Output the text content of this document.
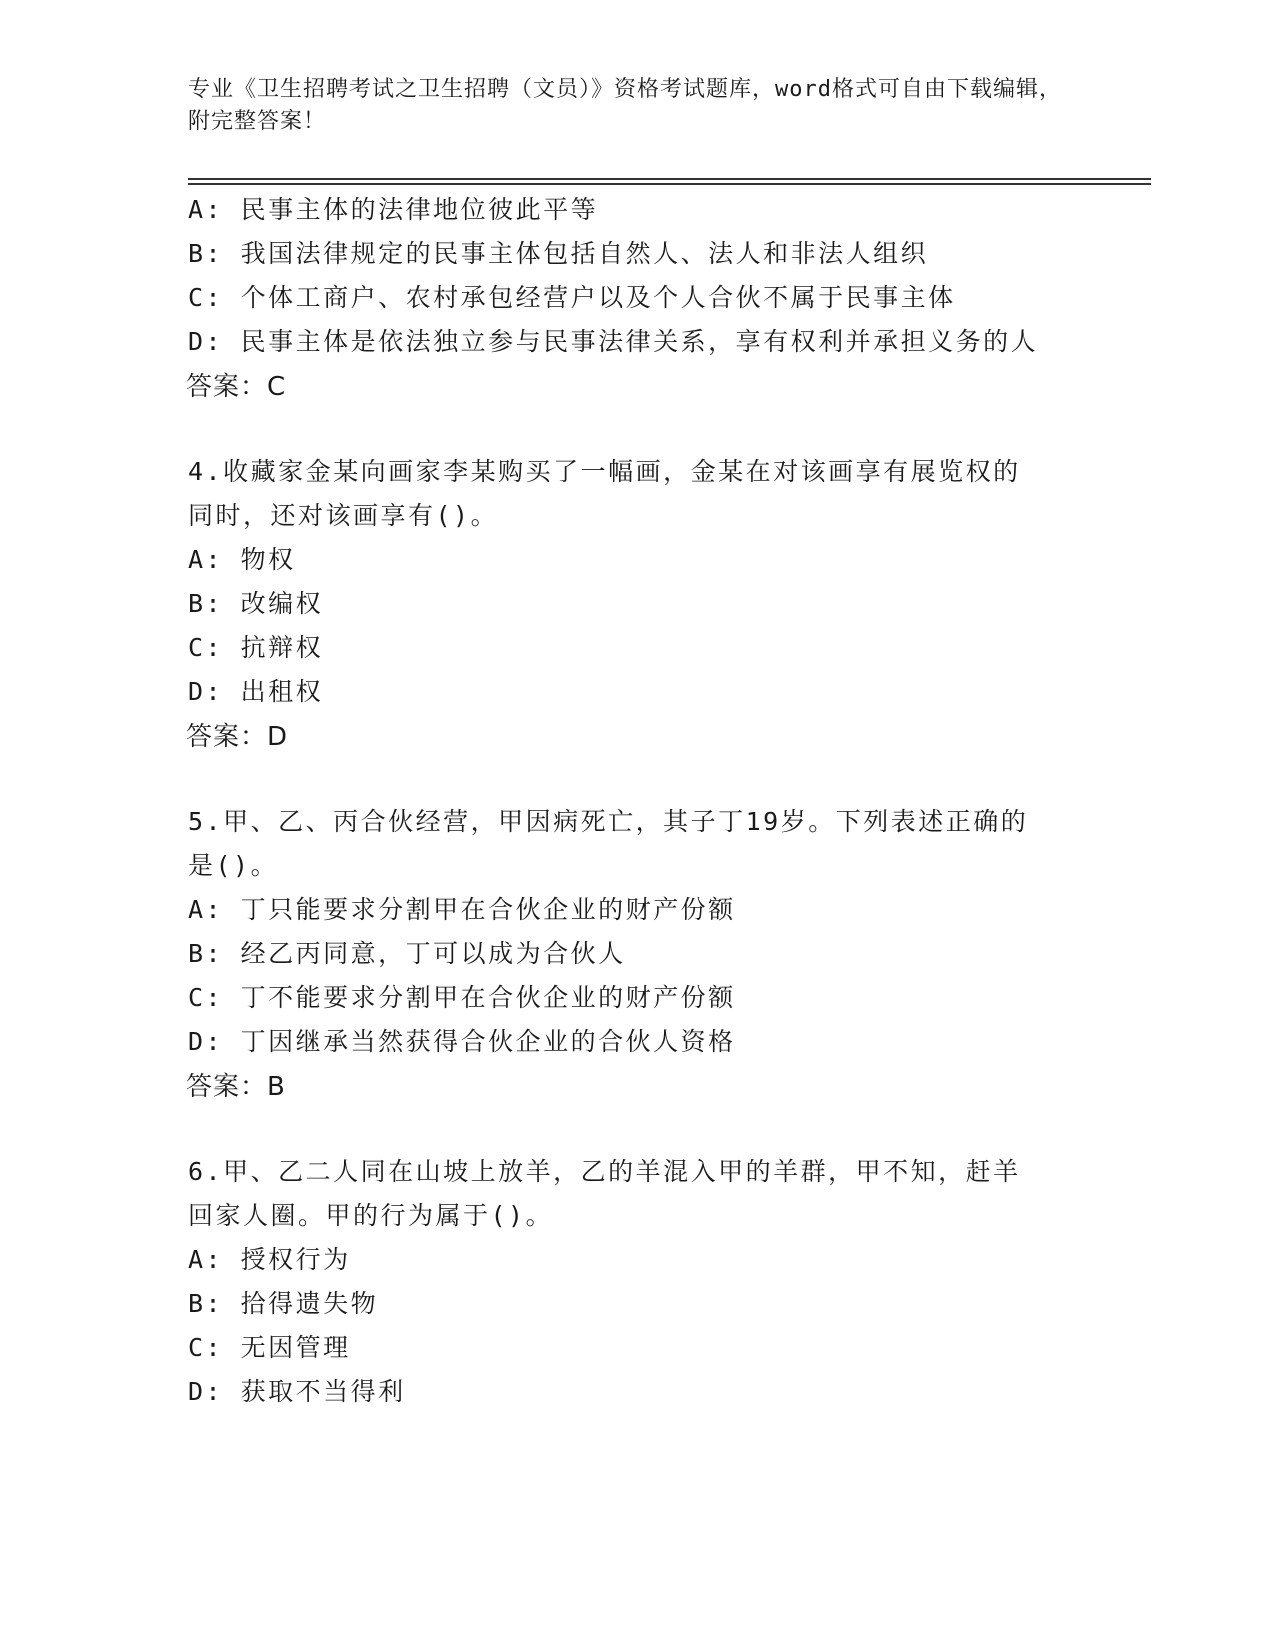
专业《卫生招聘考试之卫生招聘（文员）》资格考试题库，word格式可自由下载编辑，附完整答案！
A: 民事主体的法律地位彼此平等
B: 我国法律规定的民事主体包括自然人、法人和非法人组织
C: 个体工商户、农村承包经营户以及个人合伙不属于民事主体
D: 民事主体是依法独立参与民事法律关系，享有权利并承担义务的人
答案：C
4.收藏家金某向画家李某购买了一幅画，金某在对该画享有展览权的
同时，还对该画享有()。
A: 物权
B: 改编权
C: 抗辩权
D: 出租权
答案：D
5.甲、乙、丙合伙经营，甲因病死亡，其子丁19岁。下列表述正确的
是()。
A: 丁只能要求分割甲在合伙企业的财产份额
B: 经乙丙同意，丁可以成为合伙人
C: 丁不能要求分割甲在合伙企业的财产份额
D: 丁因继承当然获得合伙企业的合伙人资格
答案：B
6.甲、乙二人同在山坡上放羊，乙的羊混入甲的羊群，甲不知，赶羊
回家人圈。甲的行为属于()。
A: 授权行为
B: 拾得遗失物
C: 无因管理
D: 获取不当得利
